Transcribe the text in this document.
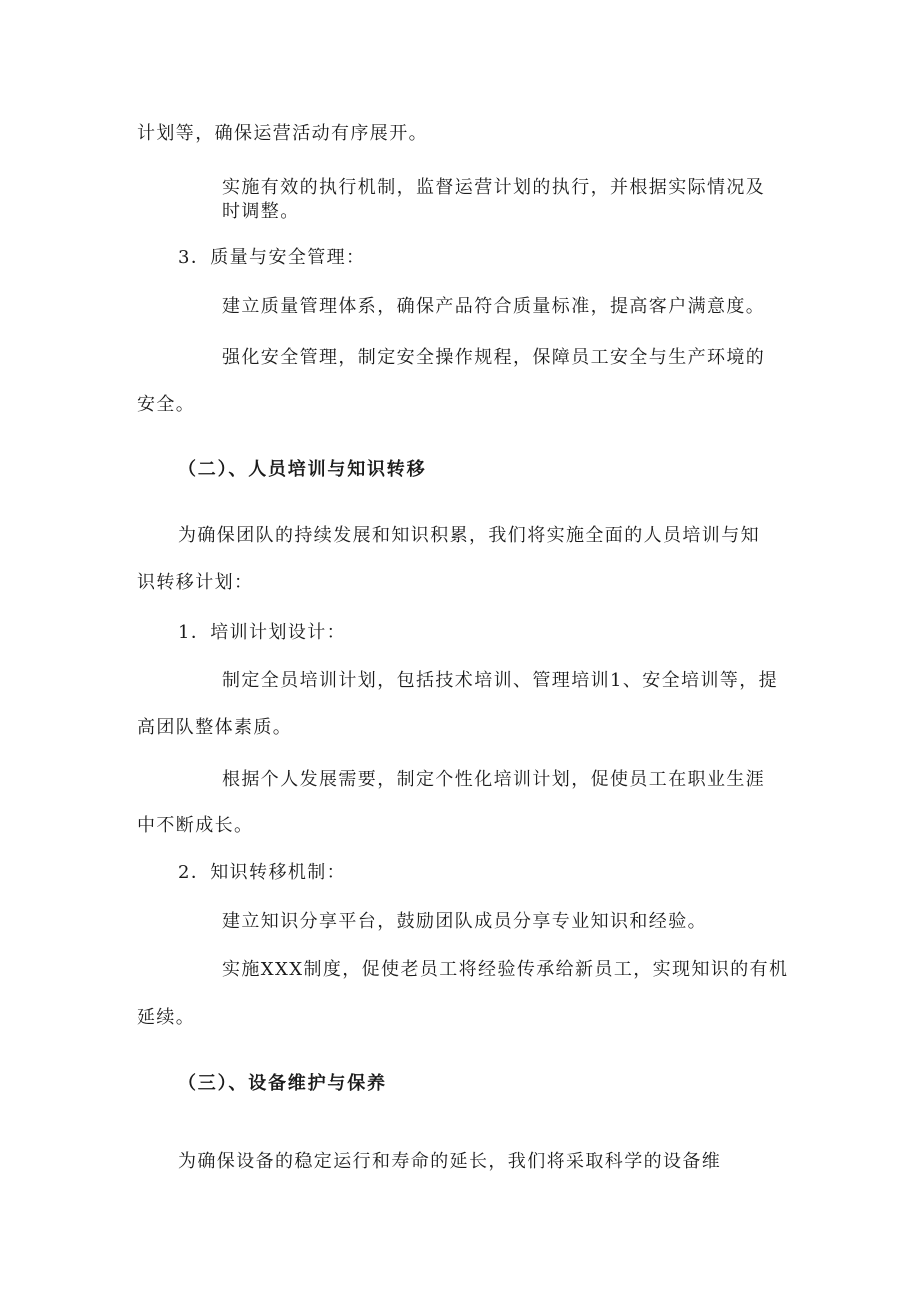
计划等，确保运营活动有序展开。
实施有效的执行机制，监督运营计划的执行，并根据实际情况及
时调整。
3．质量与安全管理：
建立质量管理体系，确保产品符合质量标准，提高客户满意度。
强化安全管理，制定安全操作规程，保障员工安全与生产环境的
安全。
（二）、人员培训与知识转移
为确保团队的持续发展和知识积累，我们将实施全面的人员培训与知
识转移计划：
1．培训计划设计：
制定全员培训计划，包括技术培训、管理培训1、安全培训等，提
高团队整体素质。
根据个人发展需要，制定个性化培训计划，促使员工在职业生涯
中不断成长。
2．知识转移机制：
建立知识分享平台，鼓励团队成员分享专业知识和经验。
实施XXX制度，促使老员工将经验传承给新员工，实现知识的有机
延续。
（三）、设备维护与保养
为确保设备的稳定运行和寿命的延长，我们将采取科学的设备维
